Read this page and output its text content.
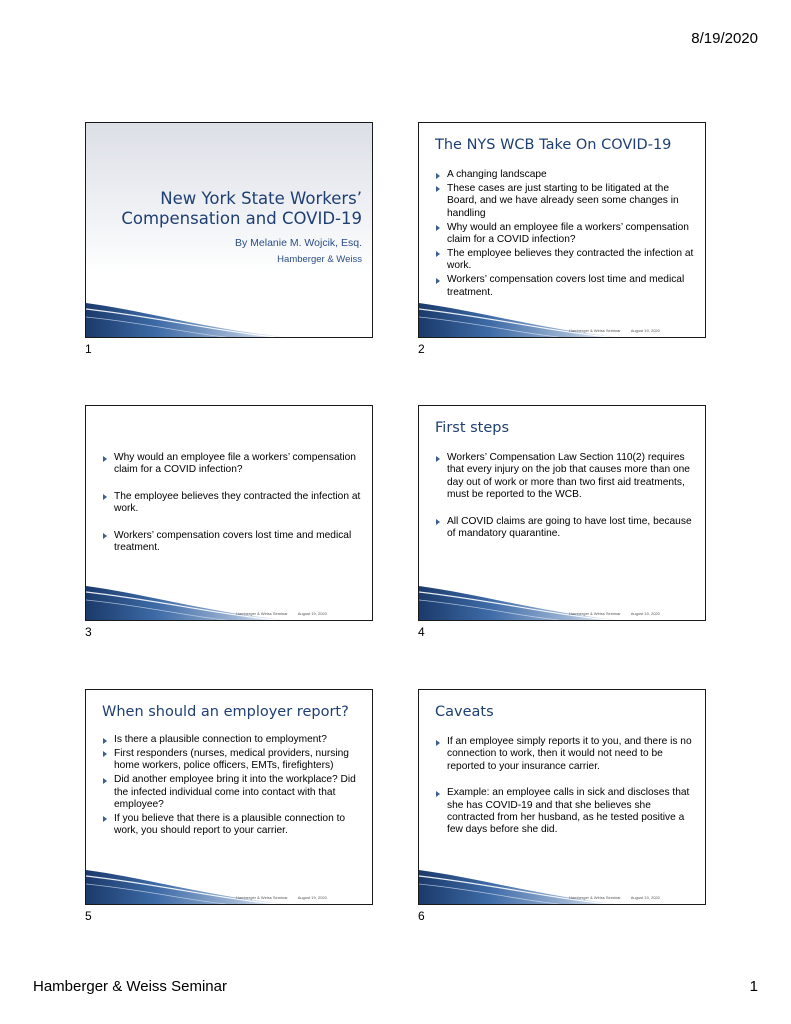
8/19/2020
New York State Workers’ Compensation and COVID-19
By Melanie M. Wojcik, Esq.
Hamberger & Weiss
1
The NYS WCB Take On COVID-19
A changing landscape
These cases are just starting to be litigated at the Board, and we have already seen some changes in handling
Why would an employee file a workers’ compensation claim for a COVID infection?
The employee believes they contracted the infection at work.
Workers’ compensation covers lost time and medical treatment.
Hamberger & Weiss Seminar	August 19, 2020
2
Why would an employee file a workers’ compensation claim for a COVID infection?
The employee believes they contracted the infection at work.
Workers’ compensation covers lost time and medical treatment.
Hamberger & Weiss Seminar	August 19, 2020
3
First steps
Workers’ Compensation Law Section 110(2) requires that every injury on the job that causes more than one day out of work or more than two first aid treatments, must be reported to the WCB.
All COVID claims are going to have lost time, because of mandatory quarantine.
Hamberger & Weiss Seminar	August 19, 2020
4
When should an employer report?
Is there a plausible connection to employment?
First responders (nurses, medical providers, nursing home workers, police officers, EMTs, firefighters)
Did another employee bring it into the workplace? Did the infected individual come into contact with that employee?
If you believe that there is a plausible connection to work, you should report to your carrier.
Hamberger & Weiss Seminar	August 19, 2020
5
Caveats
If an employee simply reports it to you, and there is no connection to work, then it would not need to be reported to your insurance carrier.
Example: an employee calls in sick and discloses that she has COVID-19 and that she believes she contracted from her husband, as he tested positive a few days before she did.
Hamberger & Weiss Seminar	August 19, 2020
6
Hamberger & Weiss Seminar	1
